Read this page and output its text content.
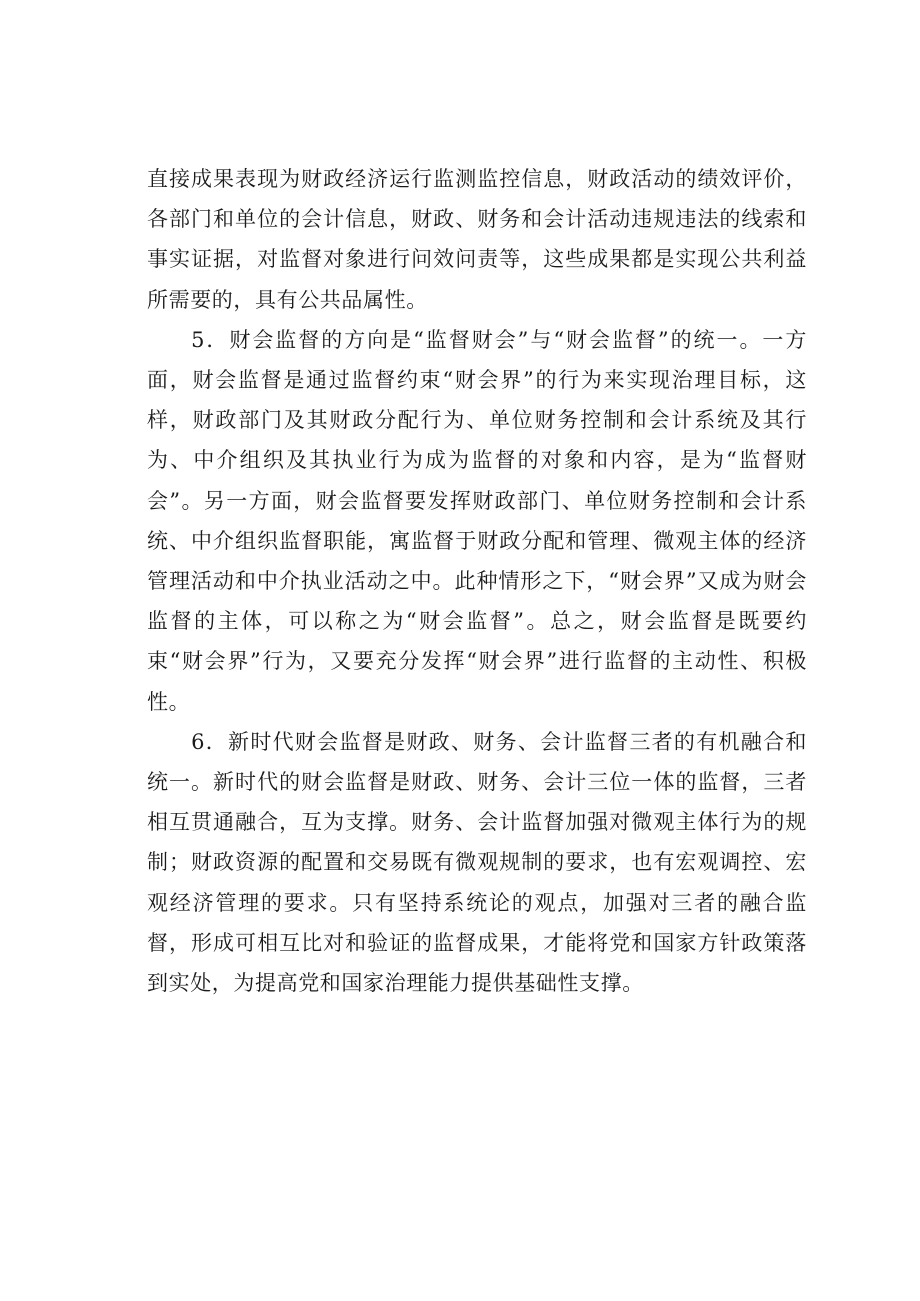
直接成果表现为财政经济运行监测监控信息，财政活动的绩效评价，各部门和单位的会计信息，财政、财务和会计活动违规违法的线索和事实证据，对监督对象进行问效问责等，这些成果都是实现公共利益所需要的，具有公共品属性。

5．财会监督的方向是“监督财会”与“财会监督”的统一。一方面，财会监督是通过监督约束“财会界”的行为来实现治理目标，这样，财政部门及其财政分配行为、单位财务控制和会计系统及其行为、中介组织及其执业行为成为监督的对象和内容，是为“监督财会”。另一方面，财会监督要发挥财政部门、单位财务控制和会计系统、中介组织监督职能，寓监督于财政分配和管理、微观主体的经济管理活动和中介执业活动之中。此种情形之下，“财会界”又成为财会监督的主体，可以称之为“财会监督”。总之，财会监督是既要约束“财会界”行为，又要充分发挥“财会界”进行监督的主动性、积极性。

6．新时代财会监督是财政、财务、会计监督三者的有机融合和统一。新时代的财会监督是财政、财务、会计三位一体的监督，三者相互贯通融合，互为支撑。财务、会计监督加强对微观主体行为的规制；财政资源的配置和交易既有微观规制的要求，也有宏观调控、宏观经济管理的要求。只有坚持系统论的观点，加强对三者的融合监督，形成可相互比对和验证的监督成果，才能将党和国家方针政策落到实处，为提高党和国家治理能力提供基础性支撑。
